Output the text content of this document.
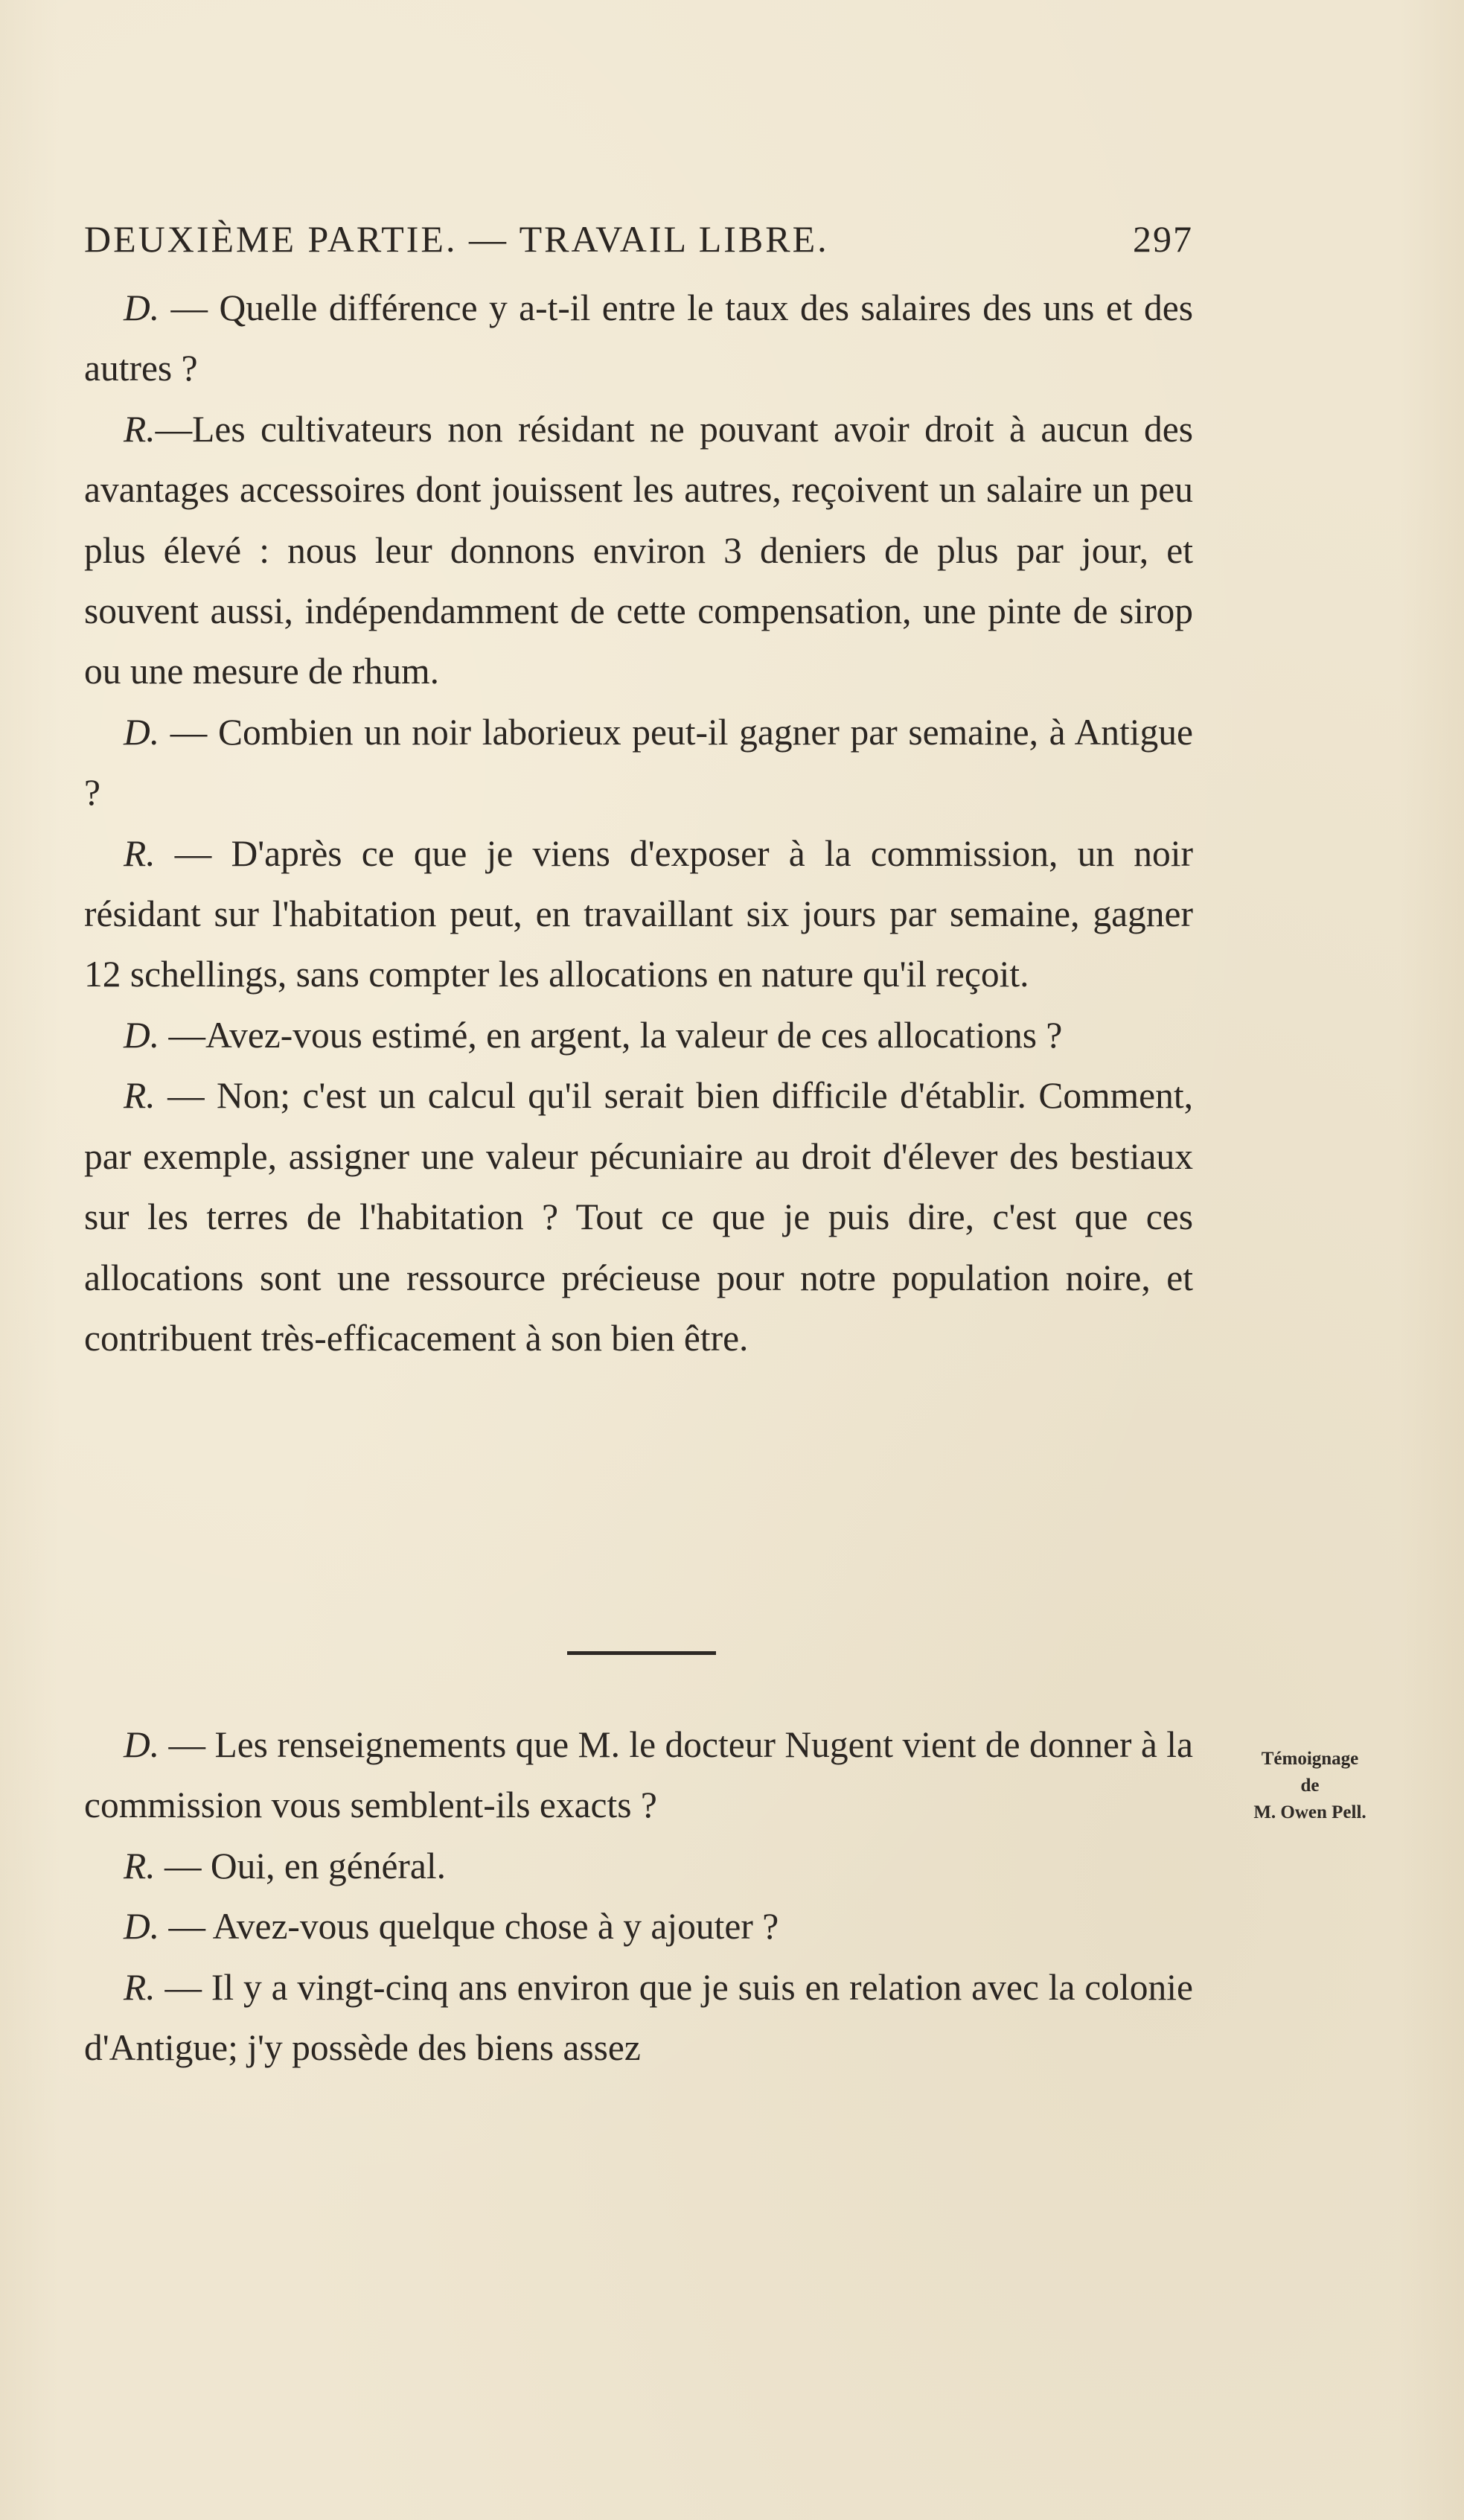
DEUXIÈME PARTIE. — TRAVAIL LIBRE.	297

D. — Quelle différence y a-t-il entre le taux des salaires des uns et des autres ?

R.—Les cultivateurs non résidant ne pouvant avoir droit à aucun des avantages accessoires dont jouissent les autres, reçoivent un salaire un peu plus élevé : nous leur donnons environ 3 deniers de plus par jour, et souvent aussi, indépendamment de cette compensation, une pinte de sirop ou une mesure de rhum.

D. — Combien un noir laborieux peut-il gagner par semaine, à Antigue ?

R. — D'après ce que je viens d'exposer à la commission, un noir résidant sur l'habitation peut, en travaillant six jours par semaine, gagner 12 schellings, sans compter les allocations en nature qu'il reçoit.

D. —Avez-vous estimé, en argent, la valeur de ces allocations ?

R. — Non; c'est un calcul qu'il serait bien difficile d'établir. Comment, par exemple, assigner une valeur pécuniaire au droit d'élever des bestiaux sur les terres de l'habitation ? Tout ce que je puis dire, c'est que ces allocations sont une ressource précieuse pour notre population noire, et contribuent très-efficacement à son bien être.

D. — Les renseignements que M. le docteur Nugent vient de donner à la commission vous semblent-ils exacts ?

R. — Oui, en général.

D. — Avez-vous quelque chose à y ajouter ?

R. — Il y a vingt-cinq ans environ que je suis en relation avec la colonie d'Antigue; j'y possède des biens assez

Témoignage
de
M. Owen Pell.
